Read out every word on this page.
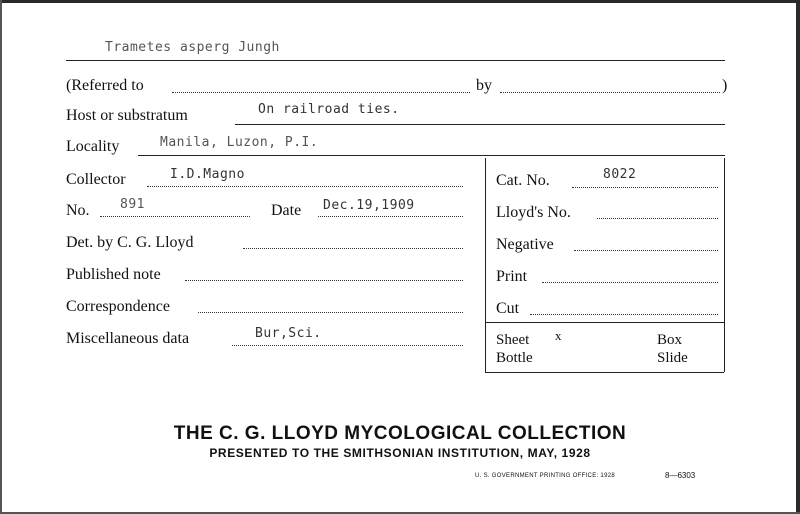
Trametes asperg Jungh
(Referred to	by	)
Host or substratum	On railroad ties.
Locality	Manila, Luzon, P.I.
Collector	I.D.Magno	Cat. No.	8022
No. 891	Date Dec.19,1909	Lloyd's No.
Det. by C. G. Lloyd	Negative
Published note	Print
Correspondence	Cut
Miscellaneous data	Bur,Sci.	Sheet x	Box
Bottle	Slide
THE C. G. LLOYD MYCOLOGICAL COLLECTION
PRESENTED TO THE SMITHSONIAN INSTITUTION, MAY, 1928
U. S. GOVERNMENT PRINTING OFFICE: 1928	8—6303
